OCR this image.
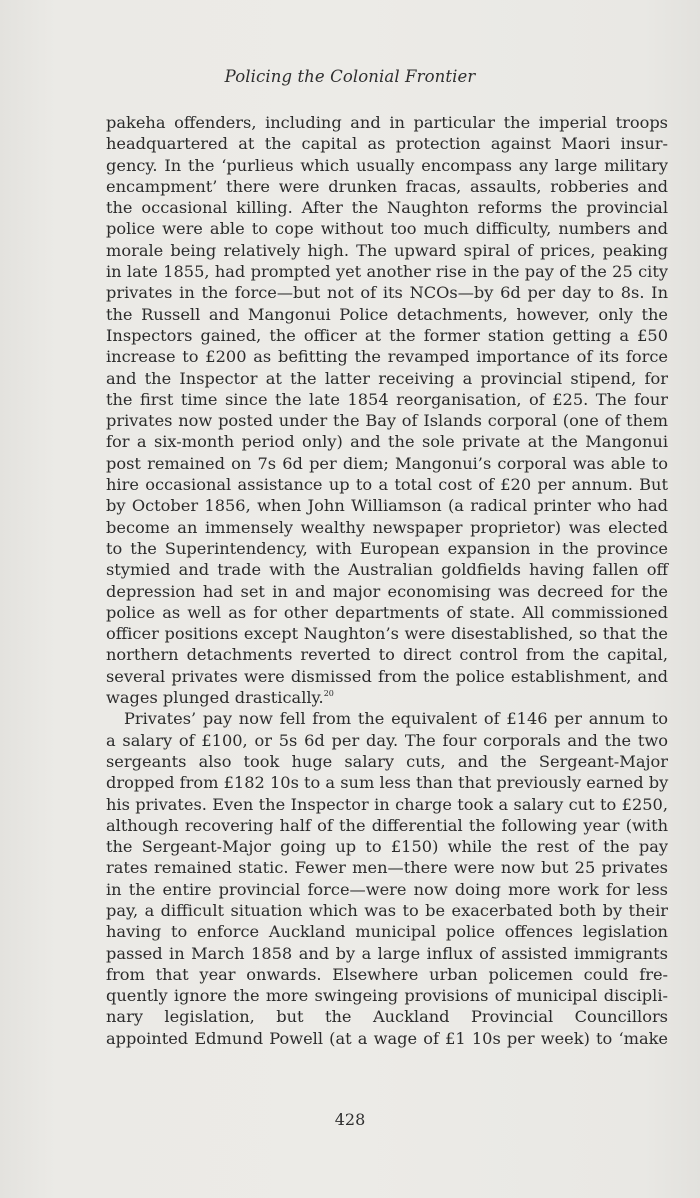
Policing the Colonial Frontier
pakeha offenders, including and in particular the imperial troops
headquartered at the capital as protection against Maori insur-
gency. In the ‘purlieus which usually encompass any large military
encampment’ there were drunken fracas, assaults, robberies and
the occasional killing. After the Naughton reforms the provincial
police were able to cope without too much difficulty, numbers and
morale being relatively high. The upward spiral of prices, peaking
in late 1855, had prompted yet another rise in the pay of the 25 city
privates in the force—but not of its NCOs—by 6d per day to 8s. In
the Russell and Mangonui Police detachments, however, only the
Inspectors gained, the officer at the former station getting a £50
increase to £200 as befitting the revamped importance of its force
and the Inspector at the latter receiving a provincial stipend, for
the first time since the late 1854 reorganisation, of £25. The four
privates now posted under the Bay of Islands corporal (one of them
for a six-month period only) and the sole private at the Mangonui
post remained on 7s 6d per diem; Mangonui’s corporal was able to
hire occasional assistance up to a total cost of £20 per annum. But
by October 1856, when John Williamson (a radical printer who had
become an immensely wealthy newspaper proprietor) was elected
to the Superintendency, with European expansion in the province
stymied and trade with the Australian goldfields having fallen off
depression had set in and major economising was decreed for the
police as well as for other departments of state. All commissioned
officer positions except Naughton’s were disestablished, so that the
northern detachments reverted to direct control from the capital,
several privates were dismissed from the police establishment, and
wages plunged drastically.$^{20}$
Privates’ pay now fell from the equivalent of £146 per annum to
a salary of £100, or 5s 6d per day. The four corporals and the two
sergeants also took huge salary cuts, and the Sergeant-Major
dropped from £182 10s to a sum less than that previously earned by
his privates. Even the Inspector in charge took a salary cut to £250,
although recovering half of the differential the following year (with
the Sergeant-Major going up to £150) while the rest of the pay
rates remained static. Fewer men—there were now but 25 privates
in the entire provincial force—were now doing more work for less
pay, a difficult situation which was to be exacerbated both by their
having to enforce Auckland municipal police offences legislation
passed in March 1858 and by a large influx of assisted immigrants
from that year onwards. Elsewhere urban policemen could fre-
quently ignore the more swingeing provisions of municipal discipli-
nary legislation, but the Auckland Provincial Councillors
appointed Edmund Powell (at a wage of £1 10s per week) to ‘make
428
